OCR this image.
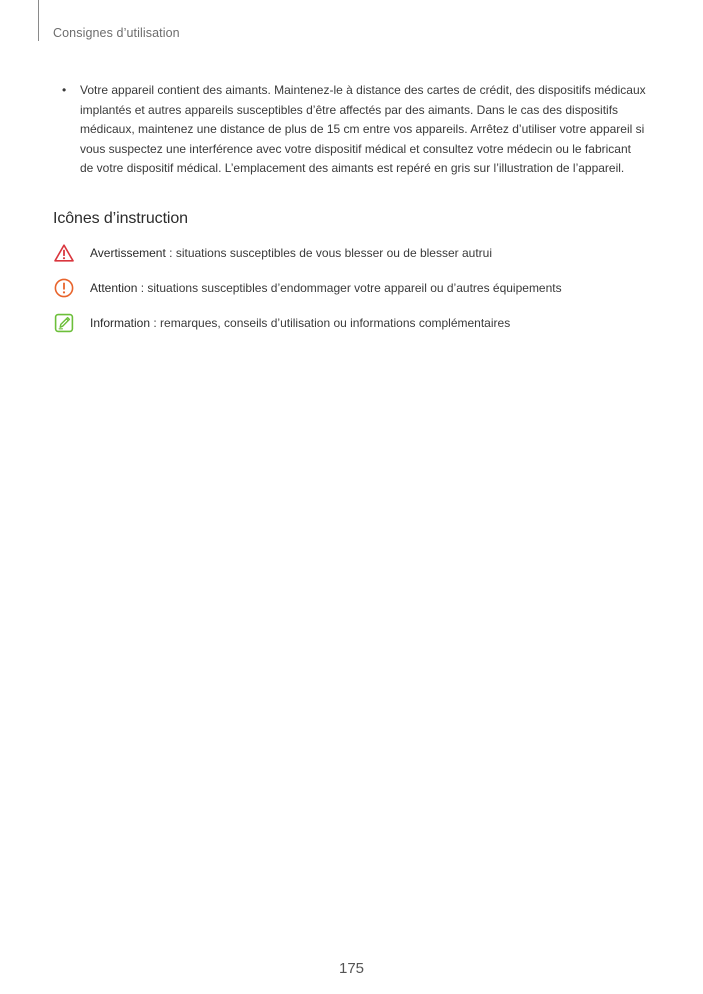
Consignes d’utilisation
•	Votre appareil contient des aimants. Maintenez-le à distance des cartes de crédit, des dispositifs médicaux implantés et autres appareils susceptibles d’être affectés par des aimants. Dans le cas des dispositifs médicaux, maintenez une distance de plus de 15 cm entre vos appareils. Arrêtez d’utiliser votre appareil si vous suspectez une interférence avec votre dispositif médical et consultez votre médecin ou le fabricant de votre dispositif médical. L’emplacement des aimants est repéré en gris sur l’illustration de l’appareil.
Icônes d’instruction
Avertissement : situations susceptibles de vous blesser ou de blesser autrui
Attention : situations susceptibles d’endommager votre appareil ou d’autres équipements
Information : remarques, conseils d’utilisation ou informations complémentaires
175
